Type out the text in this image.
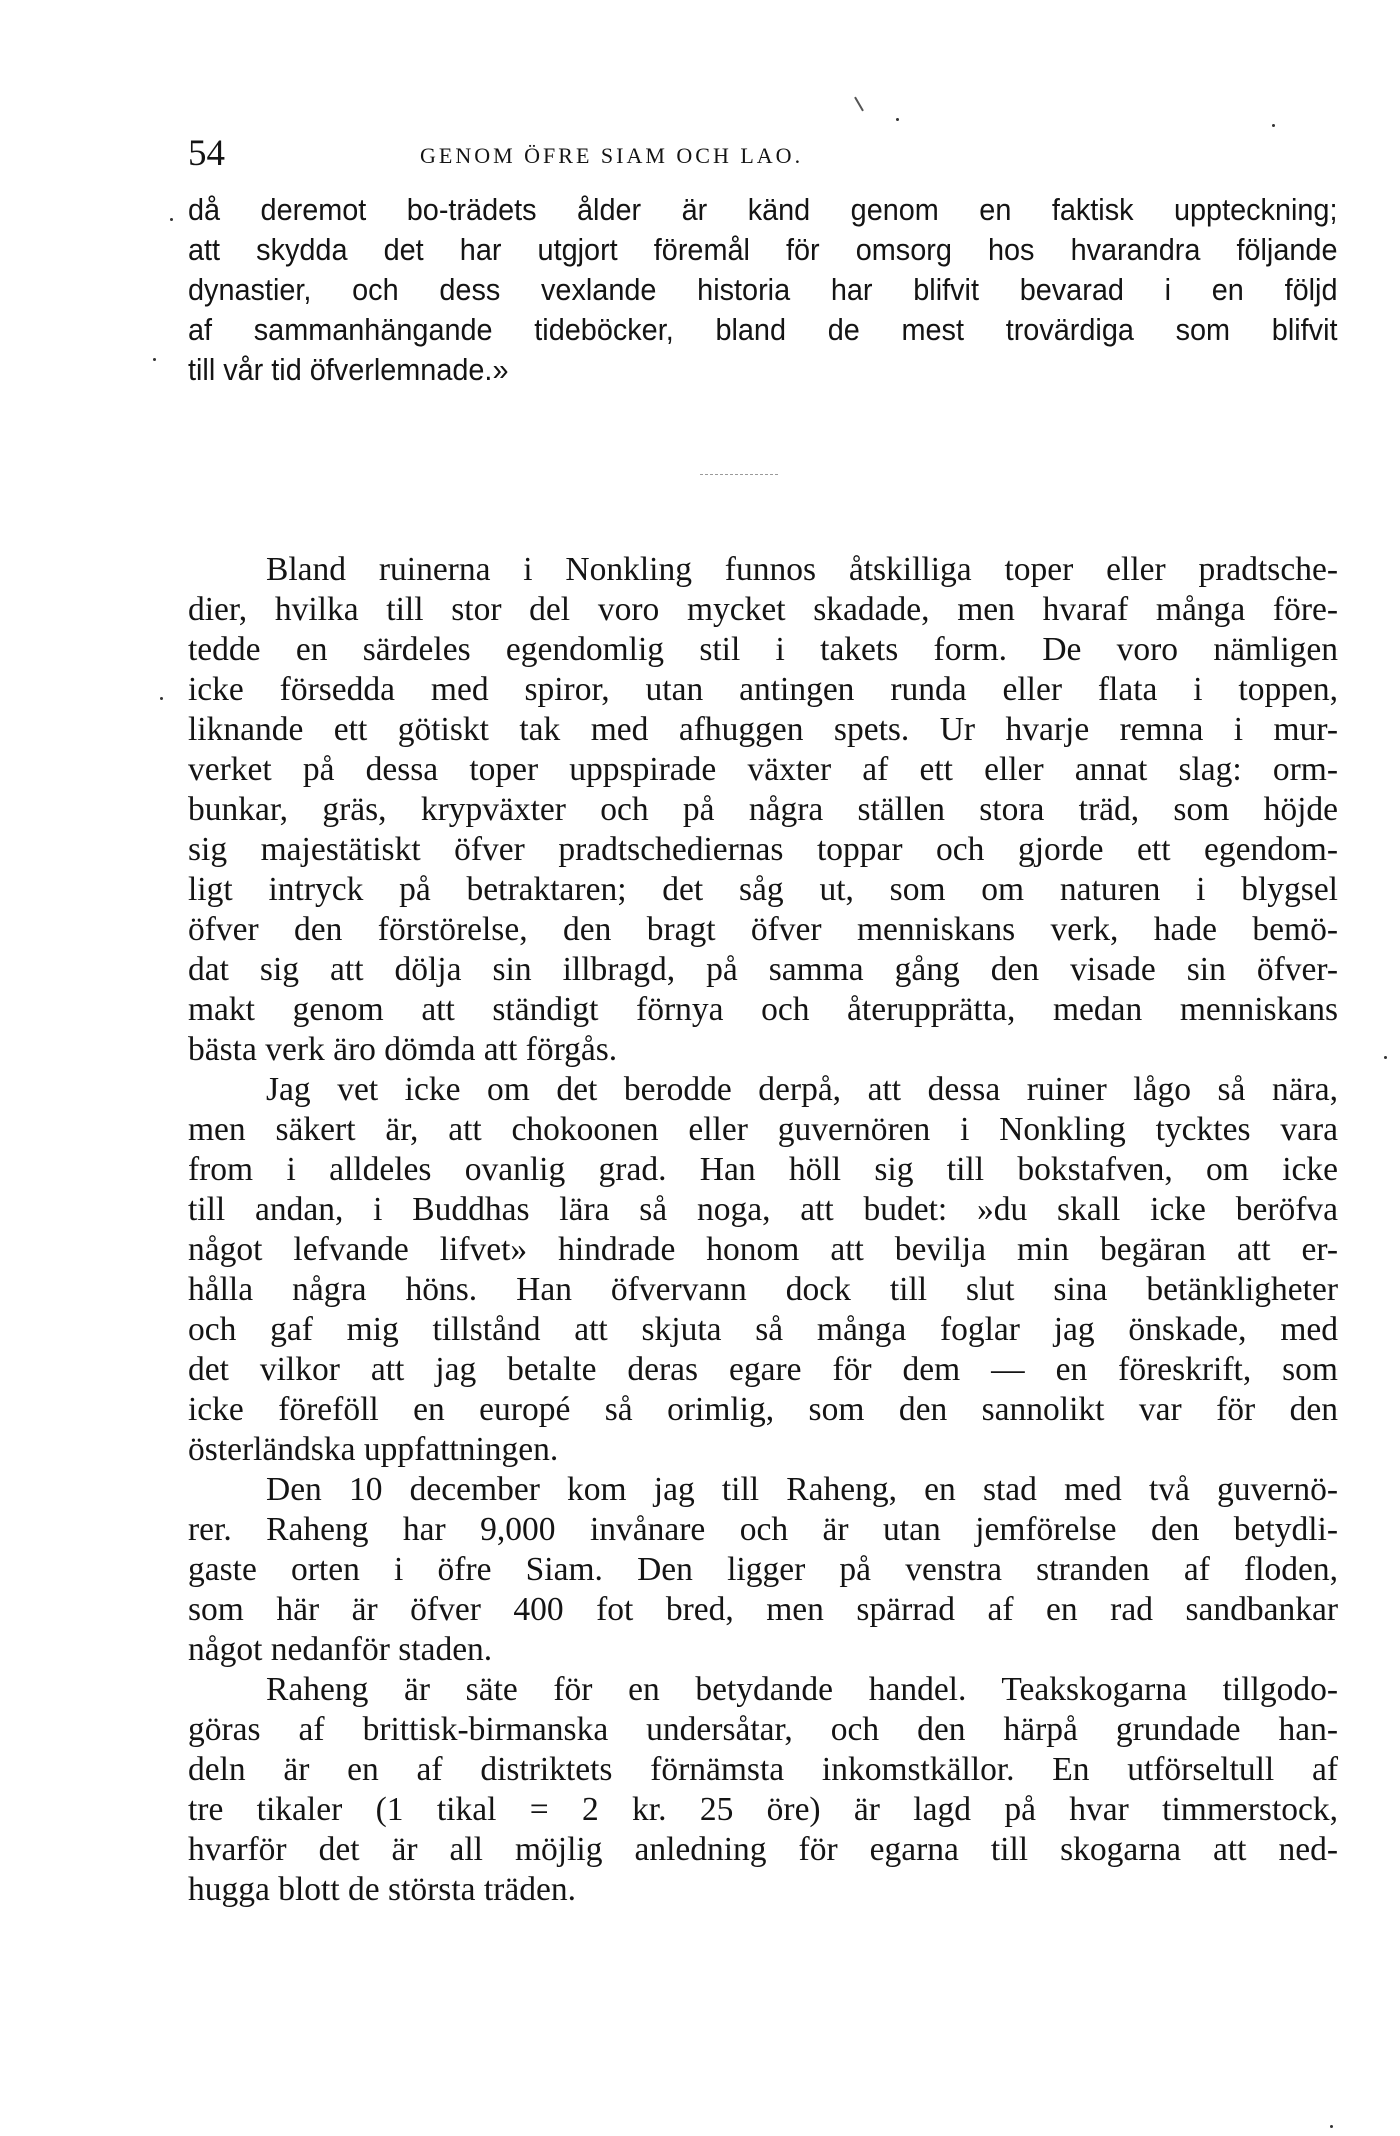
54	GENOM ÖFRE SIAM OCH LAO.
då deremot bo-trädets ålder är känd genom en faktisk uppteckning;
att skydda det har utgjort föremål för omsorg hos hvarandra följande
dynastier, och dess vexlande historia har blifvit bevarad i en följd
af sammanhängande tideböcker, bland de mest trovärdiga som blifvit
till vår tid öfverlemnade.»
Bland ruinerna i Nonkling funnos åtskilliga toper eller pradtsche-
dier, hvilka till stor del voro mycket skadade, men hvaraf många före-
tedde en särdeles egendomlig stil i takets form. De voro nämligen
icke försedda med spiror, utan antingen runda eller flata i toppen,
liknande ett götiskt tak med afhuggen spets. Ur hvarje remna i mur-
verket på dessa toper uppspirade växter af ett eller annat slag: orm-
bunkar, gräs, krypväxter och på några ställen stora träd, som höjde
sig majestätiskt öfver pradtschediernas toppar och gjorde ett egendom-
ligt intryck på betraktaren; det såg ut, som om naturen i blygsel
öfver den förstörelse, den bragt öfver menniskans verk, hade bemö-
dat sig att dölja sin illbragd, på samma gång den visade sin öfver-
makt genom att ständigt förnya och återupprätta, medan menniskans
bästa verk äro dömda att förgås.
Jag vet icke om det berodde derpå, att dessa ruiner lågo så nära,
men säkert är, att chokoonen eller guvernören i Nonkling tycktes vara
from i alldeles ovanlig grad. Han höll sig till bokstafven, om icke
till andan, i Buddhas lära så noga, att budet: »du skall icke beröfva
något lefvande lifvet» hindrade honom att bevilja min begäran att er-
hålla några höns. Han öfvervann dock till slut sina betänkligheter
och gaf mig tillstånd att skjuta så många foglar jag önskade, med
det vilkor att jag betalte deras egare för dem — en föreskrift, som
icke föreföll en europé så orimlig, som den sannolikt var för den
österländska uppfattningen.
Den 10 december kom jag till Raheng, en stad med två guvernö-
rer. Raheng har 9,000 invånare och är utan jemförelse den betydli-
gaste orten i öfre Siam. Den ligger på venstra stranden af floden,
som här är öfver 400 fot bred, men spärrad af en rad sandbankar
något nedanför staden.
Raheng är säte för en betydande handel. Teakskogarna tillgodo-
göras af brittisk-birmanska undersåtar, och den härpå grundade han-
deln är en af distriktets förnämsta inkomstkällor. En utförseltull af
tre tikaler (1 tikal = 2 kr. 25 öre) är lagd på hvar timmerstock,
hvarför det är all möjlig anledning för egarna till skogarna att ned-
hugga blott de största träden.
